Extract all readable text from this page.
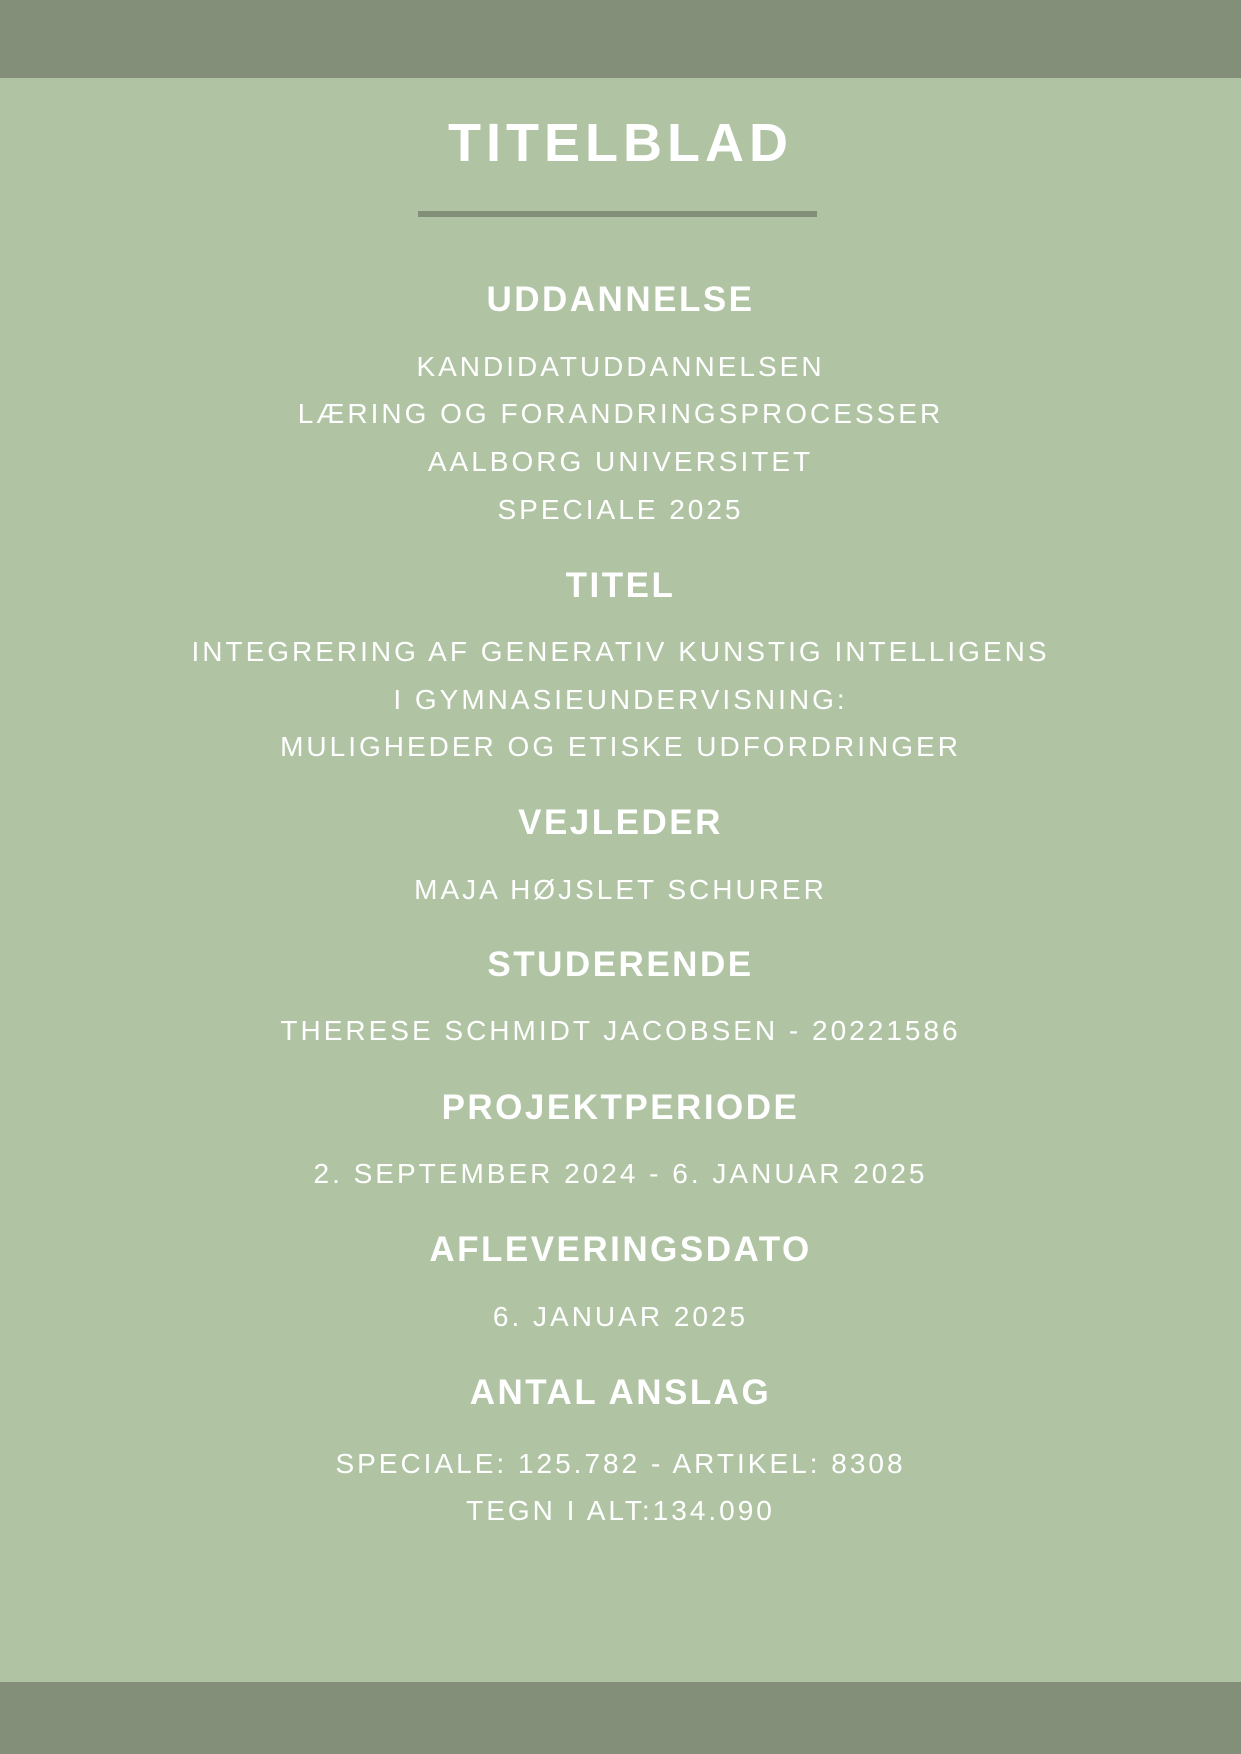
TITELBLAD
UDDANNELSE
KANDIDATUDDANNELSEN
LÆRING OG FORANDRINGSPROCESSER
AALBORG UNIVERSITET
SPECIALE 2025
TITEL
INTEGRERING AF GENERATIV KUNSTIG INTELLIGENS
I GYMNASIEUNDERVISNING:
MULIGHEDER OG ETISKE UDFORDRINGER
VEJLEDER
MAJA HØJSLET SCHURER
STUDERENDE
THERESE SCHMIDT JACOBSEN - 20221586
PROJEKTPERIODE
2. SEPTEMBER 2024 - 6. JANUAR 2025
AFLEVERINGSDATO
6. JANUAR 2025
ANTAL ANSLAG
SPECIALE: 125.782 - ARTIKEL: 8308
TEGN I ALT:134.090
